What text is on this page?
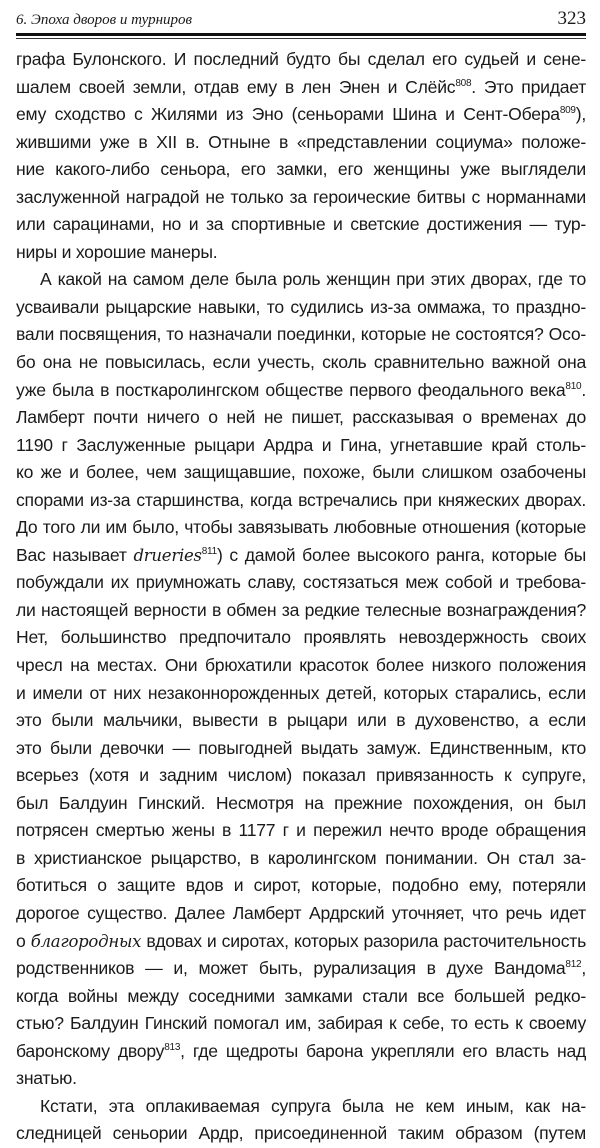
6. Эпоха дворов и турниров	323
графа Булонского. И последний будто бы сделал его судьей и сене-
шалем своей земли, отдав ему в лен Энен и Слёйс$^{808}$. Это придает
ему сходство с Жилями из Эно (сеньорами Шина и Сент-Обера$^{809}$),
жившими уже в XII в. Отныне в «представлении социума» положе-
ние какого-либо сеньора, его замки, его женщины уже выглядели
заслуженной наградой не только за героические битвы с норманнами
или сарацинами, но и за спортивные и светские достижения — тур-
ниры и хорошие манеры.
А какой на самом деле была роль женщин при этих дворах, где то
усваивали рыцарские навыки, то судились из-за оммажа, то праздно-
вали посвящения, то назначали поединки, которые не состоятся? Осо-
бо она не повысилась, если учесть, сколь сравнительно важной она
уже была в посткаролингском обществе первого феодального века$^{810}$.
Ламберт почти ничего о ней не пишет, рассказывая о временах до
1190 г Заслуженные рыцари Ардра и Гина, угнетавшие край столь-
ко же и более, чем защищавшие, похоже, были слишком озабочены
спорами из-за старшинства, когда встречались при княжеских дворах.
До того ли им было, чтобы завязывать любовные отношения (которые
Вас называет drueries$^{811}$) с дамой более высокого ранга, которые бы
побуждали их приумножать славу, состязаться меж собой и требова-
ли настоящей верности в обмен за редкие телесные вознаграждения?
Нет, большинство предпочитало проявлять невоздержность своих
чресл на местах. Они брюхатили красоток более низкого положения
и имели от них незаконнорожденных детей, которых старались, если
это были мальчики, вывести в рыцари или в духовенство, а если
это были девочки — повыгодней выдать замуж. Единственным, кто
всерьез (хотя и задним числом) показал привязанность к супруге,
был Балдуин Гинский. Несмотря на прежние похождения, он был
потрясен смертью жены в 1177 г и пережил нечто вроде обращения
в христианское рыцарство, в каролингском понимании. Он стал за-
ботиться о защите вдов и сирот, которые, подобно ему, потеряли
дорогое существо. Далее Ламберт Ардрский уточняет, что речь идет
о благородных вдовах и сиротах, которых разорила расточительность
родственников — и, может быть, рурализация в духе Вандома$^{812}$,
когда войны между соседними замками стали все большей редко-
стью? Балдуин Гинский помогал им, забирая к себе, то есть к своему
баронскому двору$^{813}$, где щедроты барона укрепляли его власть над
знатью.
Кстати, эта оплакиваемая супруга была не кем иным, как на-
следницей сеньории Ардр, присоединенной таким образом (путем
